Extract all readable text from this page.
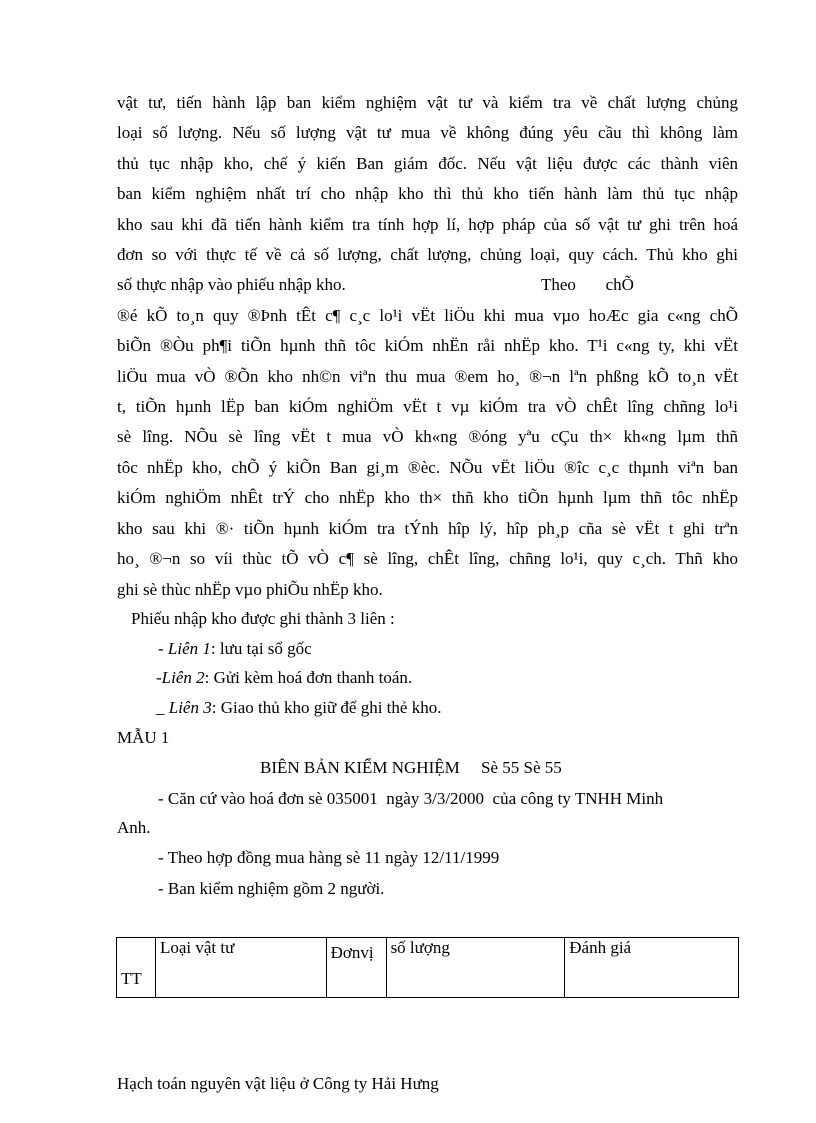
vật tư, tiến hành lập ban kiểm nghiệm vật tư và kiểm tra về chất lượng chủng
loại số lượng. Nếu số lượng vật tư mua về không đúng yêu cầu thì không làm
thủ tục nhập kho, chế ý kiến Ban giám đốc. Nếu vật liệu được các thành viên
ban kiểm nghiệm nhất trí cho nhập kho thì thủ kho tiến hành làm thủ tục nhập
kho sau khi đã tiến hành kiểm tra tính hợp lí, hợp pháp của số vật tư ghi trên hoá
đơn so với thực tế về cả số lượng, chất lượng, chủng loại, quy cách. Thủ kho ghi
số thực nhập vào phiếu nhập kho.                                              Theo       chÕ
®é kÕ to¸n quy ®Þnh tÊt c¶ c¸c lo¹i vËt liÖu khi mua vµo hoÆc gia c«ng chÕ
biÕn ®Òu ph¶i tiÕn hµnh thñ tôc kiÓm nhËn råi nhËp kho. T¹i c«ng ty, khi vËt
liÖu mua vÒ ®Õn kho nh©n viªn thu mua ®em ho¸ ®¬n lªn phßng kÕ to¸n vËt
t, tiÕn hµnh lËp ban kiÓm nghiÖm vËt t vµ kiÓm tra vÒ chÊt lîng chñng lo¹i
sè lîng. NÕu sè lîng vËt t mua vÒ kh«ng ®óng yªu cÇu th× kh«ng lµm thñ
tôc nhËp kho, chÕ ý kiÕn Ban gi¸m ®èc. NÕu vËt liÖu ®îc c¸c thµnh viªn ban
kiÓm nghiÖm nhÊt trÝ cho nhËp kho th× thñ kho tiÕn hµnh lµm thñ tôc nhËp
kho sau khi ®· tiÕn hµnh kiÓm tra tÝnh hîp lý, hîp ph¸p cña sè vËt t ghi trªn
ho¸ ®¬n so víi thùc tÕ vÒ c¶ sè lîng, chÊt lîng, chñng lo¹i, quy c¸ch. Thñ kho
ghi sè thùc nhËp vµo phiÕu nhËp kho.

Phiếu nhập kho được ghi thành 3 liên :

- Liên 1: lưu tại sổ gốc

-Liên 2: Gửi kèm hoá đơn thanh toán.

_ Liên 3: Giao thủ kho giữ để ghi thẻ kho.

MẪU 1

BIÊN BẢN KIỂM NGHIỆM     Sè 55 Sè 55

- Căn cứ vào hoá đơn sè 035001  ngày 3/3/2000  của công ty TNHH Minh

Anh.

- Theo hợp đồng mua hàng sè 11 ngày 12/11/1999

- Ban kiểm nghiệm gồm 2 người.

TT	Loại vật tư	Đơnvị	số lượng	Đánh giá

Hạch toán nguyên vật liệu ở Công ty Hải Hưng
